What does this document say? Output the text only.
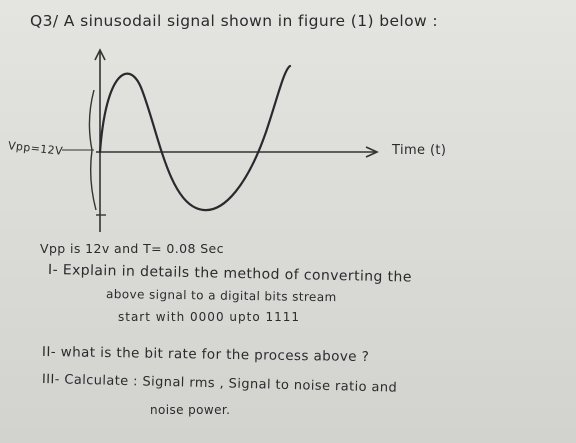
Q3/ A sinusodail signal shown in figure (1) below :

Vpp=12V	Time (t)

Vpp is 12v and T= 0.08 Sec

I- Explain in details the method of converting the

above signal to a digital bits stream

start with 0000 upto 1111

II- what is the bit rate for the process above ?

III- Calculate : Signal rms , Signal to noise ratio and

noise power.
